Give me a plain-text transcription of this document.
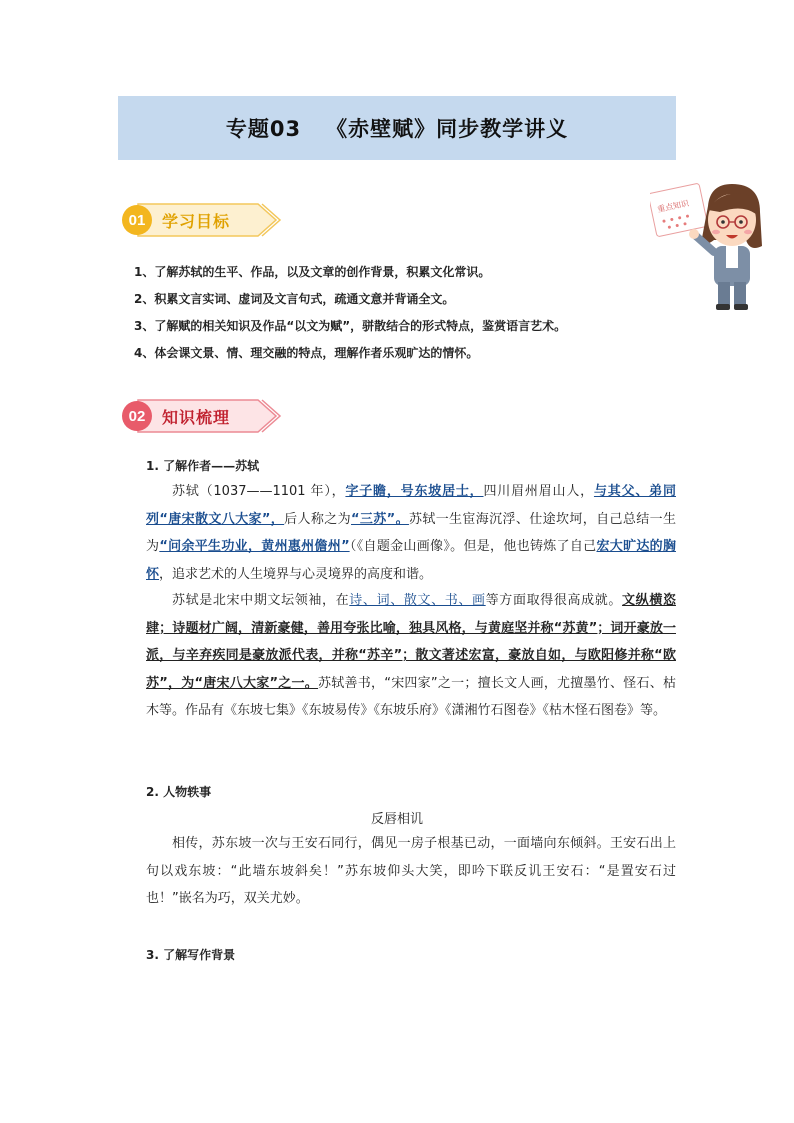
专题03   《赤壁赋》同步教学讲义
重点知识
01	学习目标
1、了解苏轼的生平、作品，以及文章的创作背景，积累文化常识。
2、积累文言实词、虚词及文言句式，疏通文意并背诵全文。
3、了解赋的相关知识及作品“以文为赋”，骈散结合的形式特点，鉴赏语言艺术。
4、体会课文景、情、理交融的特点，理解作者乐观旷达的情怀。
02	知识梳理
1. 了解作者——苏轼

苏轼（1037——1101 年），字子瞻，号东坡居士，四川眉州眉山人，与其父、弟同列“唐宋散文八大家”，后人称之为“三苏”。苏轼一生宦海沉浮、仕途坎坷，自己总结一生为“问余平生功业，黄州惠州儋州”（《自题金山画像》。但是，他也铸炼了自己宏大旷达的胸怀，追求艺术的人生境界与心灵境界的高度和谐。

苏轼是北宋中期文坛领袖，在诗、词、散文、书、画等方面取得很高成就。文纵横恣肆；诗题材广阔，清新豪健，善用夸张比喻，独具风格，与黄庭坚并称“苏黄”；词开豪放一派，与辛弃疾同是豪放派代表，并称“苏辛”；散文著述宏富，豪放自如，与欧阳修并称“欧苏”，为“唐宋八大家”之一。苏轼善书，“宋四家”之一；擅长文人画，尤擅墨竹、怪石、枯木等。作品有《东坡七集》《东坡易传》《东坡乐府》《潇湘竹石图卷》《枯木怪石图卷》等。

2. 人物轶事
反唇相讥

相传，苏东坡一次与王安石同行，偶见一房子根基已动，一面墙向东倾斜。王安石出上句以戏东坡：“此墙东坡斜矣！”苏东坡仰头大笑，即吟下联反讥王安石：“是置安石过也！”嵌名为巧，双关尤妙。

3. 了解写作背景
